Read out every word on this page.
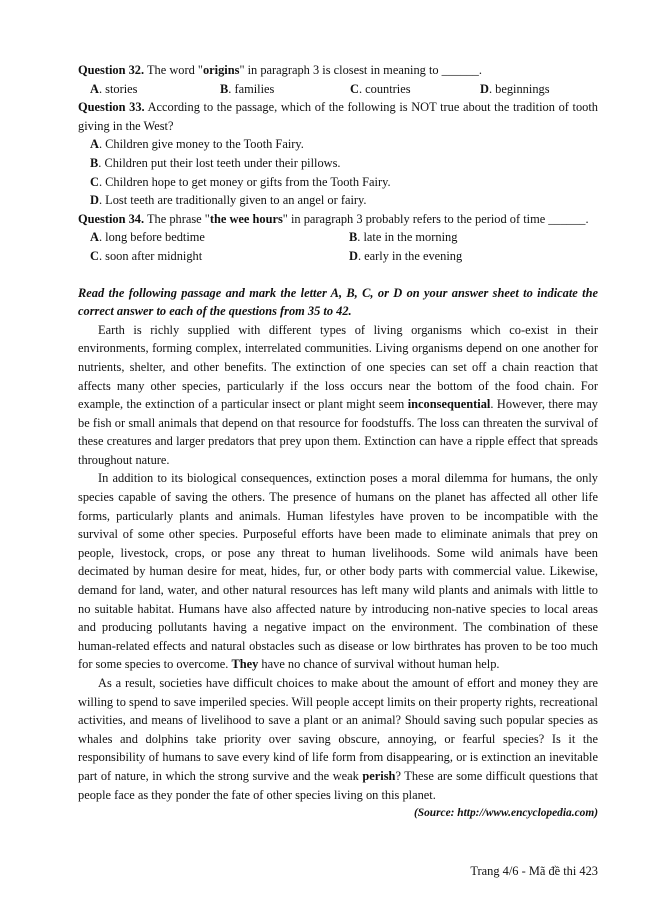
Question 32. The word "origins" in paragraph 3 is closest in meaning to ______.

A. stories	B. families	C. countries	D. beginnings

Question 33. According to the passage, which of the following is NOT true about the tradition of tooth giving in the West?

A. Children give money to the Tooth Fairy.

B. Children put their lost teeth under their pillows.

C. Children hope to get money or gifts from the Tooth Fairy.

D. Lost teeth are traditionally given to an angel or fairy.

Question 34. The phrase "the wee hours" in paragraph 3 probably refers to the period of time ______.

A. long before bedtime	B. late in the morning

C. soon after midnight	D. early in the evening

Read the following passage and mark the letter A, B, C, or D on your answer sheet to indicate the correct answer to each of the questions from 35 to 42.

Earth is richly supplied with different types of living organisms which co-exist in their environments, forming complex, interrelated communities. Living organisms depend on one another for nutrients, shelter, and other benefits. The extinction of one species can set off a chain reaction that affects many other species, particularly if the loss occurs near the bottom of the food chain. For example, the extinction of a particular insect or plant might seem inconsequential. However, there may be fish or small animals that depend on that resource for foodstuffs. The loss can threaten the survival of these creatures and larger predators that prey upon them. Extinction can have a ripple effect that spreads throughout nature.

In addition to its biological consequences, extinction poses a moral dilemma for humans, the only species capable of saving the others. The presence of humans on the planet has affected all other life forms, particularly plants and animals. Human lifestyles have proven to be incompatible with the survival of some other species. Purposeful efforts have been made to eliminate animals that prey on people, livestock, crops, or pose any threat to human livelihoods. Some wild animals have been decimated by human desire for meat, hides, fur, or other body parts with commercial value. Likewise, demand for land, water, and other natural resources has left many wild plants and animals with little to no suitable habitat. Humans have also affected nature by introducing non-native species to local areas and producing pollutants having a negative impact on the environment. The combination of these human-related effects and natural obstacles such as disease or low birthrates has proven to be too much for some species to overcome. They have no chance of survival without human help.

As a result, societies have difficult choices to make about the amount of effort and money they are willing to spend to save imperiled species. Will people accept limits on their property rights, recreational activities, and means of livelihood to save a plant or an animal? Should saving such popular species as whales and dolphins take priority over saving obscure, annoying, or fearful species? Is it the responsibility of humans to save every kind of life form from disappearing, or is extinction an inevitable part of nature, in which the strong survive and the weak perish? These are some difficult questions that people face as they ponder the fate of other species living on this planet.

(Source: http://www.encyclopedia.com)

Trang 4/6 - Mã đề thi 423
